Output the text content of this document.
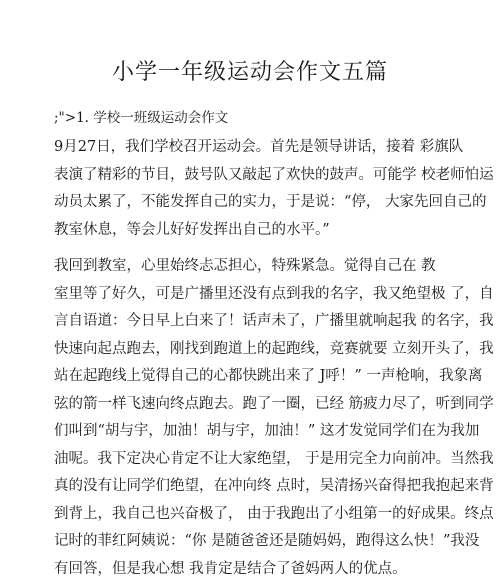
小学一年级运动会作文五篇
;">1. 学校一班级运动会作文
9月27日，我们学校召开运动会。首先是领导讲话，接着 彩旗队
表演了精彩的节目，鼓号队又敲起了欢快的鼓声。可能学 校老师怕运
动员太累了，不能发挥自己的实力，于是说：“停， 大家先回自己的
教室休息，等会儿好好发挥出自己的水平。”
我回到教室，心里始终忐忑担心，特殊紧急。觉得自己在 教
室里等了好久，可是广播里还没有点到我的名字，我又绝望极 了，自
言自语道：今日早上白来了！话声未了，广播里就响起我 的名字，我
快速向起点跑去，刚找到跑道上的起跑线，竞赛就要 立刻开头了，我
站在起跑线上觉得自己的心都快跳出来了 J呼！” 一声枪响，我象离
弦的箭一样飞速向终点跑去。跑了一圈，已经 筋疲力尽了，听到同学
们叫到“胡与宇，加油！胡与宇，加油！” 这才发觉同学们在为我加
油呢。我下定决心肯定不让大家绝望， 于是用完全力向前冲。当然我
真的没有让同学们绝望，在冲向终 点时，吴清扬兴奋得把我抱起来背
到背上，我自己也兴奋极了， 由于我跑出了小组第一的好成果。终点
记时的菲红阿姨说：“你 是随爸爸还是随妈妈，跑得这么快！”我没
有回答，但是我心想 我肯定是结合了爸妈两人的优点。
